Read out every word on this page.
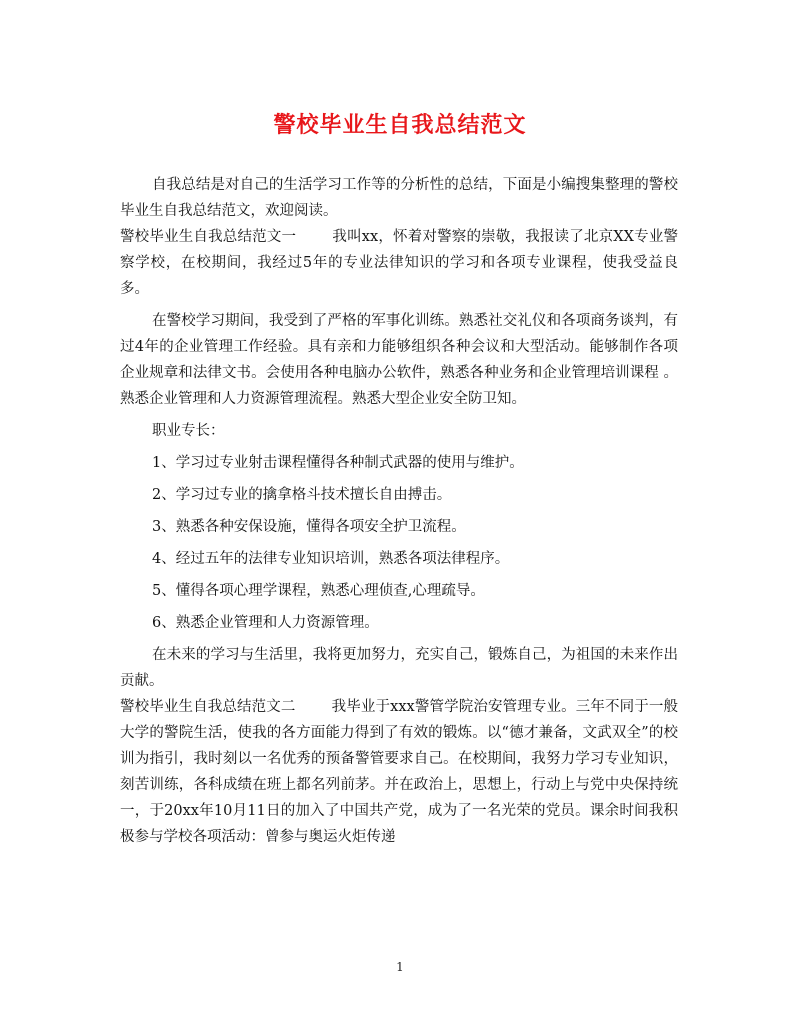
警校毕业生自我总结范文

自我总结是对自己的生活学习工作等的分析性的总结，下面是小编搜集整理的警校毕业生自我总结范文，欢迎阅读。

警校毕业生自我总结范文一 我叫xx，怀着对警察的崇敬，我报读了北京XX专业警察学校，在校期间，我经过5年的专业法律知识的学习和各项专业课程，使我受益良多。

在警校学习期间，我受到了严格的军事化训练。熟悉社交礼仪和各项商务谈判，有过4年的企业管理工作经验。具有亲和力能够组织各种会议和大型活动。能够制作各项企业规章和法律文书。会使用各种电脑办公软件，熟悉各种业务和企业管理培训课程 。熟悉企业管理和人力资源管理流程。熟悉大型企业安全防卫知。

职业专长：

1、学习过专业射击课程懂得各种制式武器的使用与维护。

2、学习过专业的擒拿格斗技术擅长自由搏击。

3、熟悉各种安保设施，懂得各项安全护卫流程。

4、经过五年的法律专业知识培训，熟悉各项法律程序。

5、懂得各项心理学课程，熟悉心理侦查,心理疏导。

6、熟悉企业管理和人力资源管理。

在未来的学习与生活里，我将更加努力，充实自己，锻炼自己，为祖国的未来作出贡献。

警校毕业生自我总结范文二 我毕业于xxx警管学院治安管理专业。三年不同于一般大学的警院生活，使我的各方面能力得到了有效的锻炼。以“德才兼备，文武双全”的校训为指引，我时刻以一名优秀的预备警管要求自己。在校期间，我努力学习专业知识，刻苦训练，各科成绩在班上都名列前茅。并在政治上，思想上，行动上与党中央保持统一，于20xx年10月11日的加入了中国共产党，成为了一名光荣的党员。课余时间我积极参与学校各项活动：曾参与奥运火炬传递

1
